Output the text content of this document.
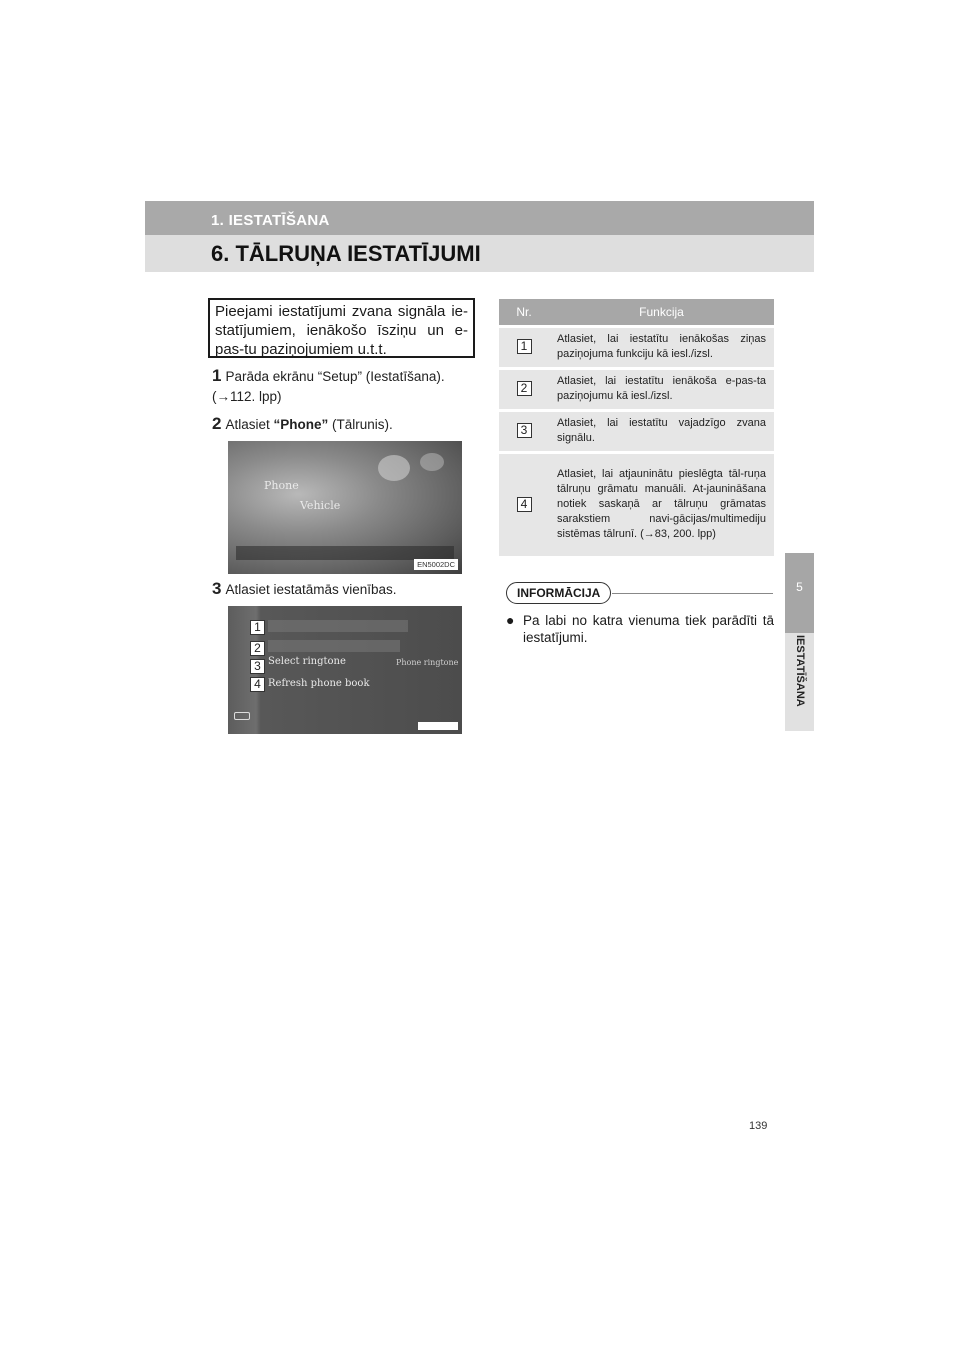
1. IESTATĪŠANA
6. TĀLRUŅA IESTATĪJUMI
5
IESTATĪŠANA
Pieejami iestatījumi zvana signāla ie-statījumiem, ienākošo īsziņu un e-pas-tu paziņojumiem u.t.t.
1 Parāda ekrānu “Setup” (Iestatīšana).
(→112. lpp)
2 Atlasiet “Phone” (Tālrunis).
Phone
Vehicle
EN5002DC
3 Atlasiet iestatāmās vienības.
Select ringtone	Phone ringtone
Refresh phone book
1
2
3
4
Nr.	Funkcija
1	Atlasiet, lai iestatītu ienākošas ziņas paziņojuma funkciju kā iesl./izsl.
2	Atlasiet, lai iestatītu ienākoša e-pas-ta paziņojumu kā iesl./izsl.
3	Atlasiet, lai iestatītu vajadzīgo zvana signālu.
4	Atlasiet, lai atjauninātu pieslēgta tāl-ruņa tālruņu grāmatu manuāli. At-jaunināšana notiek saskaņā ar tālruņu grāmatas sarakstiem navi-gācijas/multimediju sistēmas tālrunī. (→83, 200. lpp)
INFORMĀCIJA
● Pa labi no katra vienuma tiek parādīti tā iestatījumi.
139
